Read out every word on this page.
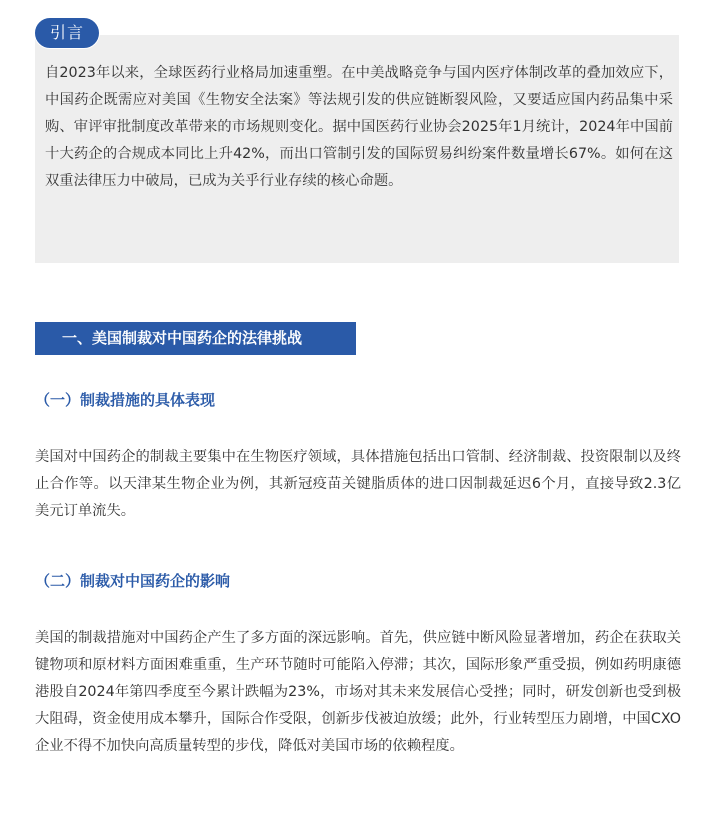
引言

自2023年以来，全球医药行业格局加速重塑。在中美战略竞争与国内医疗体制改革的叠加效应下，中国药企既需应对美国《生物安全法案》等法规引发的供应链断裂风险，又要适应国内药品集中采购、审评审批制度改革带来的市场规则变化。据中国医药行业协会2025年1月统计，2024年中国前十大药企的合规成本同比上升42%，而出口管制引发的国际贸易纠纷案件数量增长67%。如何在这双重法律压力中破局，已成为关乎行业存续的核心命题。

一、美国制裁对中国药企的法律挑战
（一）制裁措施的具体表现

美国对中国药企的制裁主要集中在生物医疗领域，具体措施包括出口管制、经济制裁、投资限制以及终止合作等。以天津某生物企业为例，其新冠疫苗关键脂质体的进口因制裁延迟6个月，直接导致2.3亿美元订单流失。

（二）制裁对中国药企的影响

美国的制裁措施对中国药企产生了多方面的深远影响。首先，供应链中断风险显著增加，药企在获取关键物项和原材料方面困难重重，生产环节随时可能陷入停滞；其次，国际形象严重受损，例如药明康德港股自2024年第四季度至今累计跌幅为23%，市场对其未来发展信心受挫；同时，研发创新也受到极大阻碍，资金使用成本攀升，国际合作受限，创新步伐被迫放缓；此外，行业转型压力剧增，中国CXO企业不得不加快向高质量转型的步伐，降低对美国市场的依赖程度。
